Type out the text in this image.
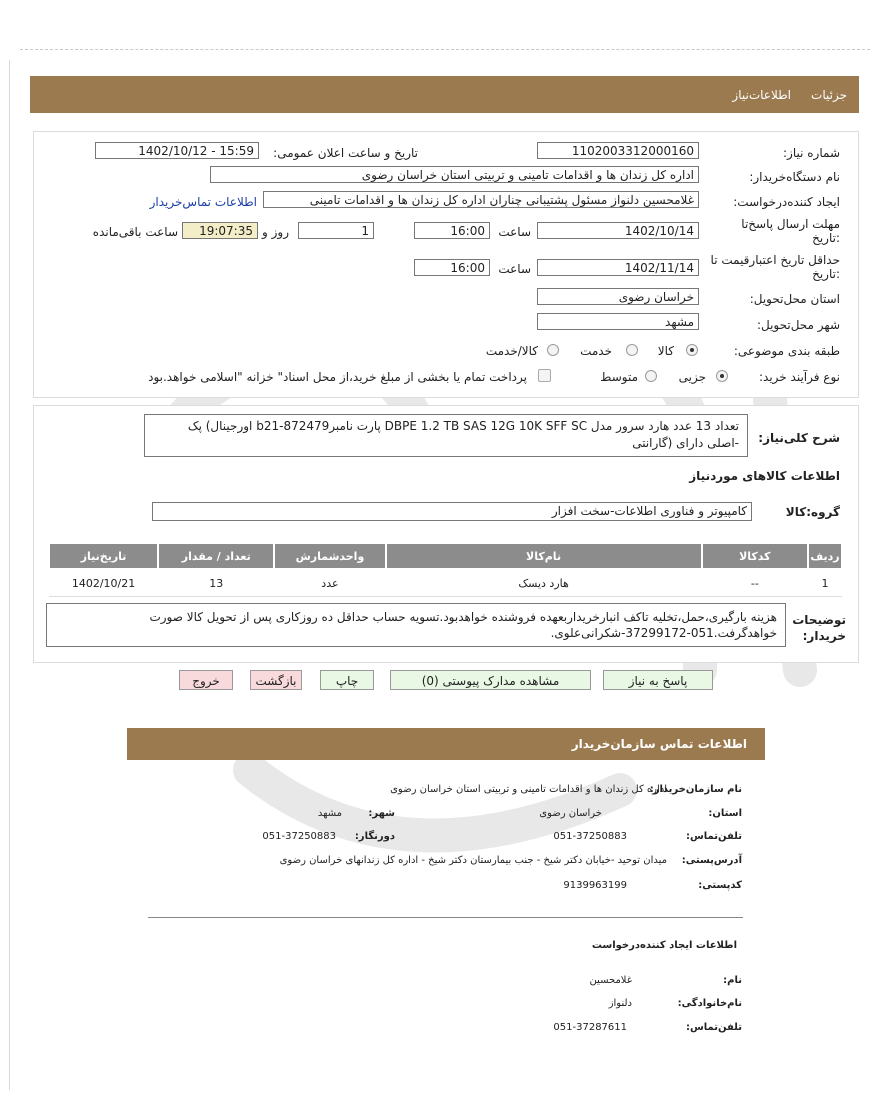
جزئیات
اطلاعات‌نیاز
شماره نیاز:
1102003312000160
تاریخ و ساعت اعلان عمومی:
1402/10/12 - 15:59
نام دستگاه‌خریدار:
اداره کل زندان ها و اقدامات تامینی و تربیتی استان خراسان رضوی
ایجاد کننده‌درخواست:
غلامحسین دلنواز مسئول پشتیبانی چناران اداره کل زندان ها و اقدامات تامینی
اطلاعات تماس‌خریدار
مهلت ارسال پاسخ‌تا :تاریخ
1402/10/14
ساعت
16:00
1
روز و
19:07:35
ساعت باقی‌مانده
حداقل تاریخ اعتبار‌قیمت تا :تاریخ
1402/11/14
ساعت
16:00
استان محل‌تحویل:
خراسان رضوی
شهر محل‌تحویل:
مشهد
طبقه بندی موضوعی:
کالا
خدمت
کالا/خدمت
نوع فرآیند خرید:
جزیی
متوسط
پرداخت تمام یا بخشی از مبلغ خرید،از محل اسناد" خزانه "اسلامی خواهد.بود
شرح کلی‌نیاز:
تعداد 13 عدد هارد سرور مدل DBPE 1.2 TB SAS 12G 10K SFF SC پارت نامبر872479-b21 اورجینال) پک
-اصلی دارای (گارانتی
اطلاعات کالاهای موردنیاز
گروه:کالا
کامپیوتر و فناوری اطلاعات-سخت افزار
ردیف	کدکالا	نام‌کالا	واحدشمارش	تعداد / مقدار	تاریخ‌نیاز
1	--	هارد دیسک	عدد	13	1402/10/21
توضیحات خریدار:
هزینه بارگیری،حمل،تخلیه تاکف انبارخریداربعهده فروشنده خواهدبود.تسویه حساب حداقل ده روزکاری پس از تحویل کالا صورت
خواهدگرفت.051-37299172-شکرانی‌علوی.
پاسخ به نیاز
مشاهده مدارک پیوستی (0)
چاپ
بازگشت
خروج
اطلاعات تماس سازمان‌خریدار
نام سازمان‌خریدار:
اداره کل زندان ها و اقدامات تامینی و تربیتی استان خراسان رضوی
استان:
خراسان رضوی
شهر:
مشهد
تلفن‌تماس:
051-37250883
دورنگار:
051-37250883
آدرس‌پستی:
میدان توحید -خیابان دکتر شیخ - جنب بیمارستان دکتر شیخ - اداره کل زندانهای خراسان رضوی
کدپستی:
9139963199
اطلاعات ایجاد کننده‌درخواست
نام:
غلامحسین
نام‌خانوادگی:
دلنواز
تلفن‌تماس:
051-37287611
